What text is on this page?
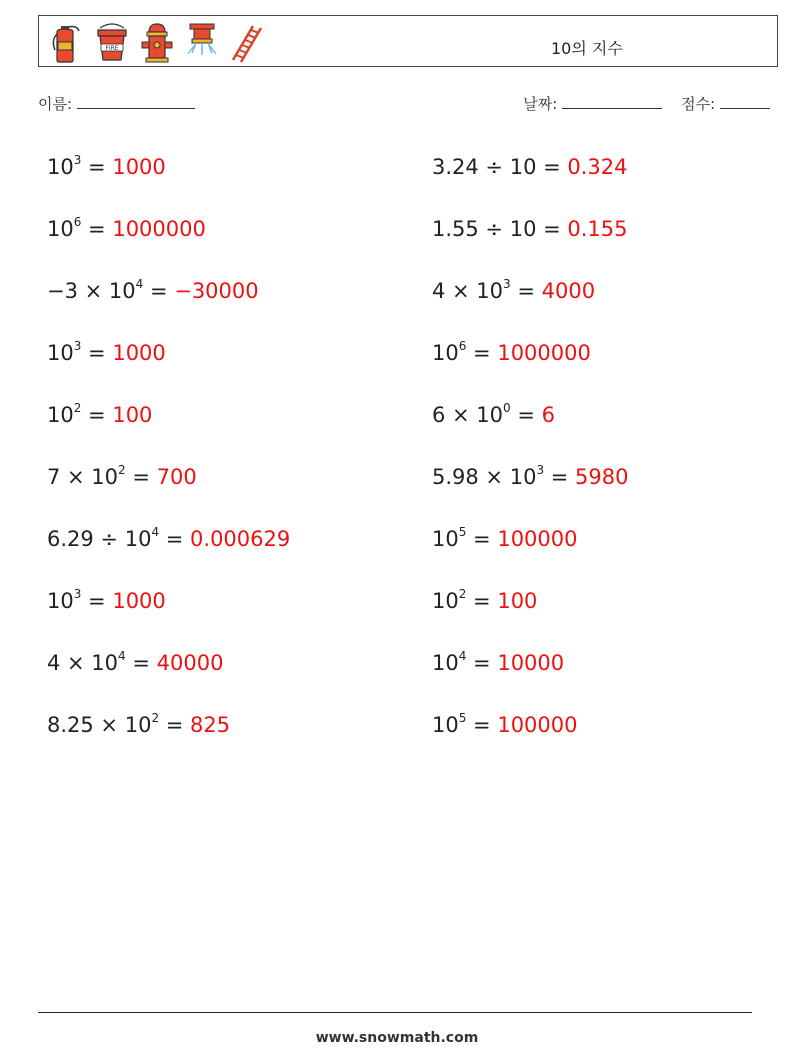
FIRE	10의 지수
이름:	날짜:	점수:
$10^3 = 1000$	3.24 ÷ 10 = 0.324
$10^6 = 1000000$	1.55 ÷ 10 = 0.155
$-3 \times 10^4 = -30000$	$4 \times 10^3 = 4000$
$10^3 = 1000$	$10^6 = 1000000$
$10^2 = 100$	$6 \times 10^0 = 6$
$7 \times 10^2 = 700$	$5.98 \times 10^3 = 5980$
$6.29 \div 10^4 = 0.000629$	$10^5 = 100000$
$10^3 = 1000$	$10^2 = 100$
$4 \times 10^4 = 40000$	$10^4 = 10000$
$8.25 \times 10^2 = 825$	$10^5 = 100000$
www.snowmath.com
